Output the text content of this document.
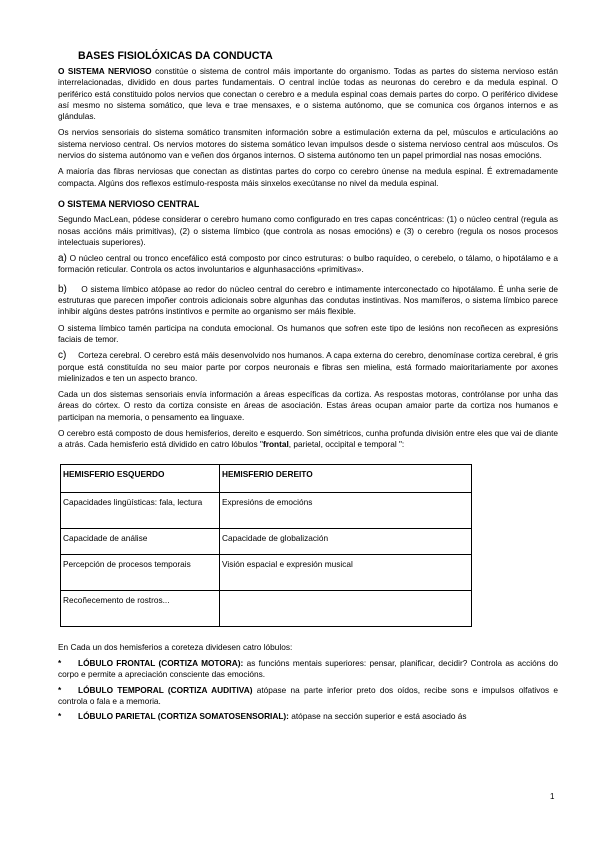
BASES FISIOLÓXICAS DA CONDUCTA

O SISTEMA NERVIOSO constitúe o sistema de control máis importante do organismo. Todas as partes do sistema nervioso están interrelacionadas, dividido en dous partes fundamentais. O central inclúe todas as neuronas do cerebro e da medula espinal. O periférico está constituido polos nervios que conectan o cerebro e a medula espinal coas demais partes do corpo. O periférico dividese así mesmo no sistema somático, que leva e trae mensaxes, e o sistema autónomo, que se comunica cos órganos internos e as glándulas.

Os nervios sensoriais do sistema somático transmiten información sobre a estimulación externa da pel, músculos e articulacións ao sistema nervioso central. Os nervios motores do sistema somático levan impulsos desde o sistema nervioso central aos músculos. Os nervios do sistema autónomo van e veñen dos órganos internos. O sistema autónomo ten un papel primordial nas nosas emocións.

A maioría das fibras nerviosas que conectan as distintas partes do corpo co cerebro únense na medula espinal. É extremadamente compacta. Algúns dos reflexos estímulo-resposta máis sinxelos execútanse no nivel da medula espinal.

O SISTEMA NERVIOSO CENTRAL

Segundo MacLean, pódese considerar o cerebro humano como configurado en tres capas concéntricas: (1) o núcleo central (regula as nosas accións máis primitivas), (2) o sistema límbico (que controla as nosas emocións) e (3) o cerebro (regula os nosos procesos intelectuais superiores).

a) O núcleo central ou tronco encefálico está composto por cinco estruturas: o bulbo raquídeo, o cerebelo, o tálamo, o hipotálamo e a formación reticular. Controla os actos involuntarios e algunhasaccións «primitivas».

b) O sistema límbico atópase ao redor do núcleo central do cerebro e intimamente interconectado co hipotálamo. É unha serie de estruturas que parecen impoñer controis adicionais sobre algunhas das condutas instintivas. Nos mamíferos, o sistema límbico parece inhibir algúns destes patróns instintivos e permite ao organismo ser máis flexible.

O sistema límbico tamén participa na conduta emocional. Os humanos que sofren este tipo de lesións non recoñecen as expresións faciais de temor.

c) Corteza cerebral. O cerebro está máis desenvolvido nos humanos. A capa externa do cerebro, denomínase cortiza cerebral, é gris porque está constituída no seu maior parte por corpos neuronais e fibras sen mielina, está formado maioritariamente por axones mielinizados e ten un aspecto branco.

Cada un dos sistemas sensoriais envía información a áreas específicas da cortiza. As respostas motoras, contrólanse por unha das áreas do córtex. O resto da cortiza consiste en áreas de asociación. Estas áreas ocupan amaior parte da cortiza nos humanos e participan na memoria, o pensamento ea linguaxe.

O cerebro está composto de dous hemisferios, dereito e esquerdo. Son simétricos, cunha profunda división entre eles que vai de diante a atrás. Cada hemisferio está dividido en catro lóbulos "frontal, parietal, occipital e temporal ":

HEMISFERIO ESQUERDO	HEMISFERIO DEREITO
Capacidades lingüísticas: fala, lectura	Expresións de emocións
Capacidade de análise	Capacidade de globalización
Percepción de procesos temporais	Visión espacial e expresión musical
Recoñecemento de rostros...	

En Cada un dos hemisferios a coreteza dividesen catro lóbulos:

* LÓBULO FRONTAL (CORTIZA MOTORA): as funcións mentais superiores: pensar, planificar, decidir? Controla as accións do corpo e permite a apreciación consciente das emocións.
* LÓBULO TEMPORAL (CORTIZA AUDITIVA) atópase na parte inferior preto dos oídos, recibe sons e impulsos olfativos e controla o fala e a memoria.
* LÓBULO PARIETAL (CORTIZA SOMATOSENSORIAL): atópase na sección superior e está asociado ás
1
